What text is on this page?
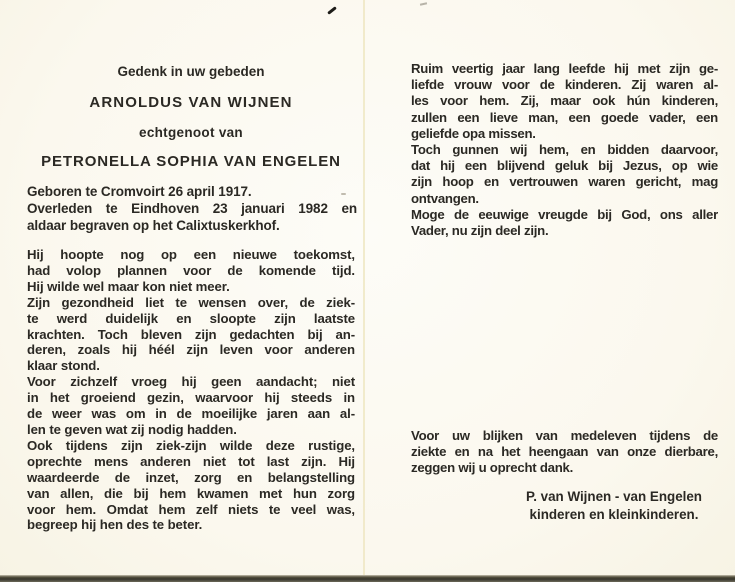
Gedenk in uw gebeden
ARNOLDUS VAN WIJNEN
echtgenoot van
PETRONELLA SOPHIA VAN ENGELEN
Geboren te Cromvoirt 26 april 1917.
Overleden te Eindhoven 23 januari 1982 en
aldaar begraven op het Calixtuskerkhof.
Hij hoopte nog op een nieuwe toekomst,
had volop plannen voor de komende tijd.
Hij wilde wel maar kon niet meer.
Zijn gezondheid liet te wensen over, de ziek-
te werd duidelijk en sloopte zijn laatste
krachten. Toch bleven zijn gedachten bij an-
deren, zoals hij héél zijn leven voor anderen
klaar stond.
Voor zichzelf vroeg hij geen aandacht; niet
in het groeiend gezin, waarvoor hij steeds in
de weer was om in de moeilijke jaren aan al-
len te geven wat zij nodig hadden.
Ook tijdens zijn ziek-zijn wilde deze rustige,
oprechte mens anderen niet tot last zijn. Hij
waardeerde de inzet, zorg en belangstelling
van allen, die bij hem kwamen met hun zorg
voor hem. Omdat hem zelf niets te veel was,
begreep hij hen des te beter.
Ruim veertig jaar lang leefde hij met zijn ge-
liefde vrouw voor de kinderen. Zij waren al-
les voor hem. Zij, maar ook hún kinderen,
zullen een lieve man, een goede vader, een
geliefde opa missen.
Toch gunnen wij hem, en bidden daarvoor,
dat hij een blijvend geluk bij Jezus, op wie
zijn hoop en vertrouwen waren gericht, mag
ontvangen.
Moge de eeuwige vreugde bij God, ons aller
Vader, nu zijn deel zijn.
Voor uw blijken van medeleven tijdens de
ziekte en na het heengaan van onze dierbare,
zeggen wij u oprecht dank.
P. van Wijnen - van Engelen
kinderen en kleinkinderen.
